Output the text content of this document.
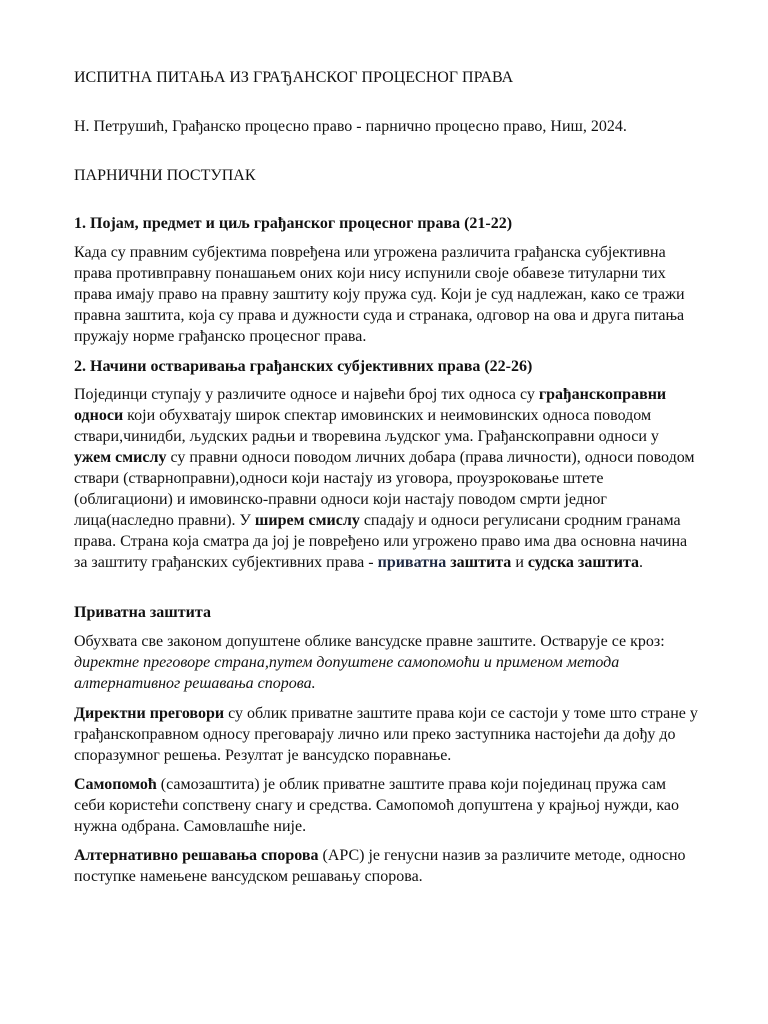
ИСПИТНА ПИТАЊА ИЗ ГРАЂАНСКОГ ПРОЦЕСНОГ ПРАВА
Н. Петрушић, Грађанско процесно право - парнично процесно право, Ниш, 2024.
ПАРНИЧНИ ПОСТУПАК
1. Појам, предмет и циљ грађанског процесног права (21-22)

Када су правним субјектима повређена или угрожена различита грађанска субјективна права противправну понашањем оних који нису испунили своје обавезе титуларни тих права имају право на правну заштиту коју пружа суд. Који је суд надлежан, како се тражи правна заштита, која су права и дужности суда и странака, одговор на ова и друга питања пружају норме грађанско процесног права.

2. Начини остваривања грађанских субјективних права (22-26)

Појединци ступају у различите односе и највећи број тих односа су грађанскоправни односи који обухватају широк спектар имовинских и неимовинских односа поводом ствари,чинидби, људских радњи и творевина људског ума. Грађанскоправни односи у ужем смислу су правни односи поводом личних добара (права личности), односи поводом ствари (стварноправни),односи који настају из уговора, проузроковање штете (облигациони) и имовинско-правни односи који настају поводом смрти једног лица(наследно правни). У ширем смислу спадају и односи регулисани сродним гранама права. Страна која сматра да јој је повређено или угрожено право има два основна начина за заштиту грађанских субјективних права - приватна заштита и судска заштита.

Приватна заштита

Обухвата све законом допуштене облике вансудске правне заштите. Остварује се кроз: директне преговоре страна,путем допуштене самопомоћи и применом метода алтернативног решавања спорова.

Директни преговори су облик приватне заштите права који се састоји у томе што стране у грађанскоправном односу преговарају лично или преко заступника настојећи да дођу до споразумног решења. Резултат је вансудско поравнање.

Самопомоћ (самозаштита) је облик приватне заштите права који појединац пружа сам себи користећи сопствену снагу и средства. Самопомоћ допуштена у крајњој нужди, као нужна одбрана. Самовлашће није.

Алтернативно решавања спорова (АРС) је генусни назив за различите методе, односно поступке намењене вансудском решавању спорова.
